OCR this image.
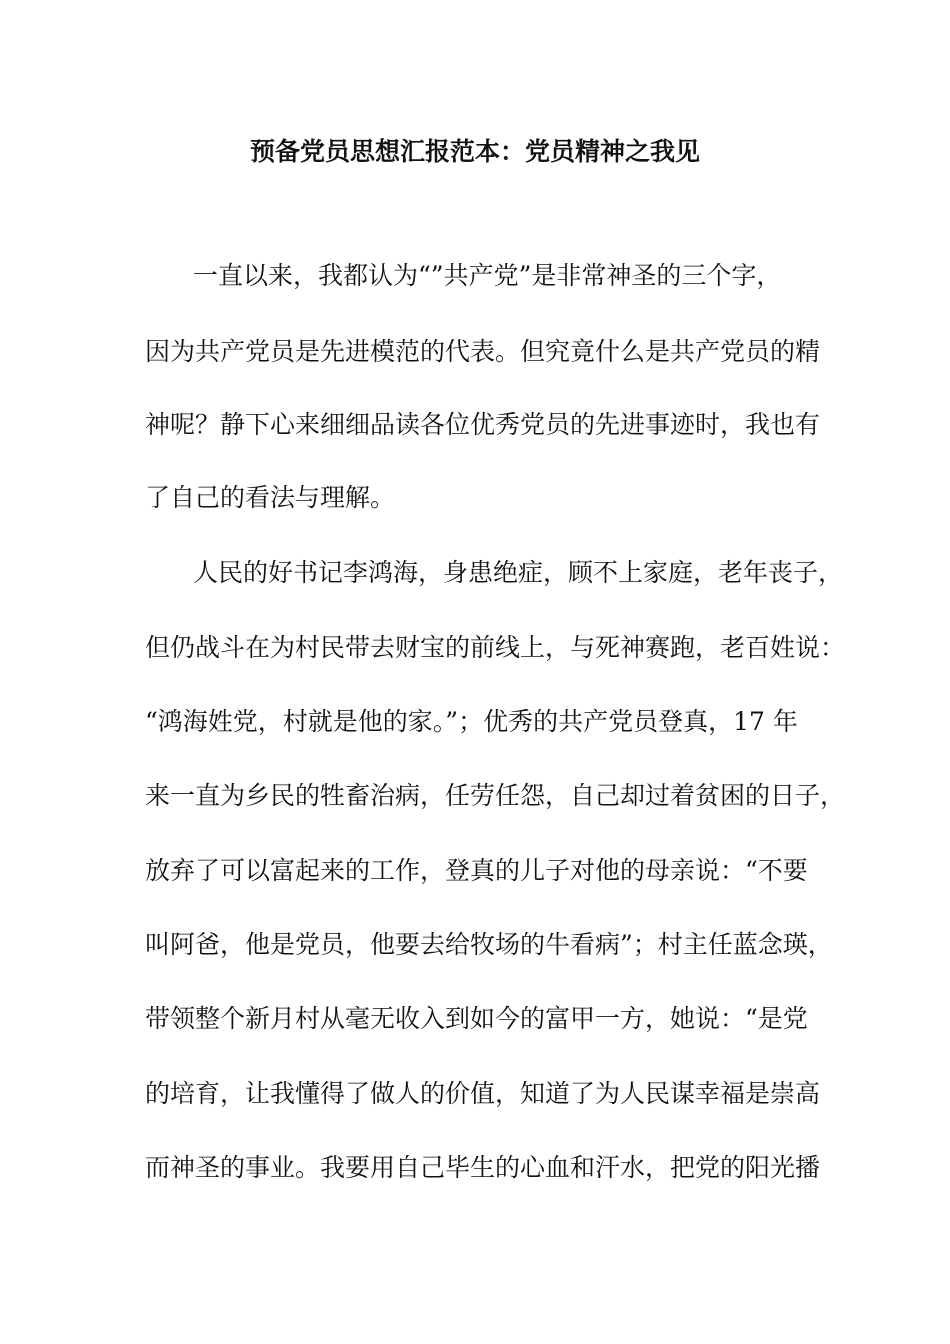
预备党员思想汇报范本：党员精神之我见
一直以来，我都认为“”共产党”是非常神圣的三个字，
因为共产党员是先进模范的代表。但究竟什么是共产党员的精
神呢？静下心来细细品读各位优秀党员的先进事迹时，我也有
了自己的看法与理解。
人民的好书记李鸿海，身患绝症，顾不上家庭，老年丧子，
但仍战斗在为村民带去财宝的前线上，与死神赛跑，老百姓说：
“鸿海姓党，村就是他的家。”；优秀的共产党员登真，17 年
来一直为乡民的牲畜治病，任劳任怨，自己却过着贫困的日子，
放弃了可以富起来的工作，登真的儿子对他的母亲说：“不要
叫阿爸，他是党员，他要去给牧场的牛看病”；村主任蓝念瑛，
带领整个新月村从毫无收入到如今的富甲一方，她说：“是党
的培育，让我懂得了做人的价值，知道了为人民谋幸福是崇高
而神圣的事业。我要用自己毕生的心血和汗水，把党的阳光播
